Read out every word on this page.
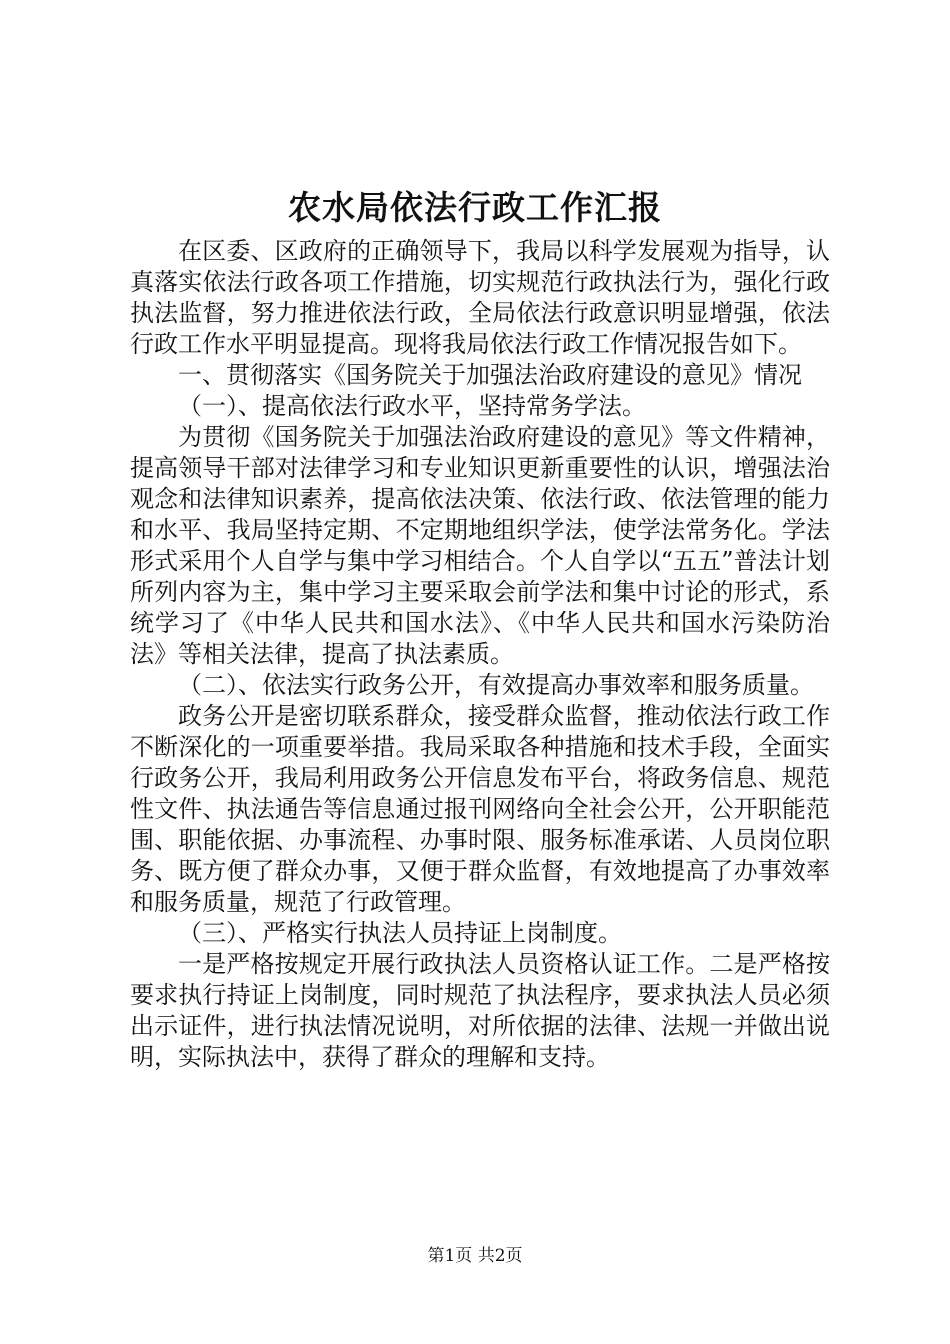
农水局依法行政工作汇报

在区委、区政府的正确领导下，我局以科学发展观为指导，认真落实依法行政各项工作措施，切实规范行政执法行为，强化行政执法监督，努力推进依法行政，全局依法行政意识明显增强，依法行政工作水平明显提高。现将我局依法行政工作情况报告如下。

一、贯彻落实《国务院关于加强法治政府建设的意见》情况

（一）、提高依法行政水平，坚持常务学法。

为贯彻《国务院关于加强法治政府建设的意见》等文件精神，提高领导干部对法律学习和专业知识更新重要性的认识，增强法治观念和法律知识素养，提高依法决策、依法行政、依法管理的能力和水平、我局坚持定期、不定期地组织学法，使学法常务化。学法形式采用个人自学与集中学习相结合。个人自学以“五五”普法计划所列内容为主，集中学习主要采取会前学法和集中讨论的形式，系统学习了《中华人民共和国水法》、《中华人民共和国水污染防治法》等相关法律，提高了执法素质。

（二）、依法实行政务公开，有效提高办事效率和服务质量。

政务公开是密切联系群众，接受群众监督，推动依法行政工作不断深化的一项重要举措。我局采取各种措施和技术手段，全面实行政务公开，我局利用政务公开信息发布平台，将政务信息、规范性文件、执法通告等信息通过报刊网络向全社会公开，公开职能范围、职能依据、办事流程、办事时限、服务标准承诺、人员岗位职务、既方便了群众办事，又便于群众监督，有效地提高了办事效率和服务质量，规范了行政管理。

（三）、严格实行执法人员持证上岗制度。

一是严格按规定开展行政执法人员资格认证工作。二是严格按要求执行持证上岗制度，同时规范了执法程序，要求执法人员必须出示证件，进行执法情况说明，对所依据的法律、法规一并做出说明，实际执法中，获得了群众的理解和支持。

第1页 共2页
